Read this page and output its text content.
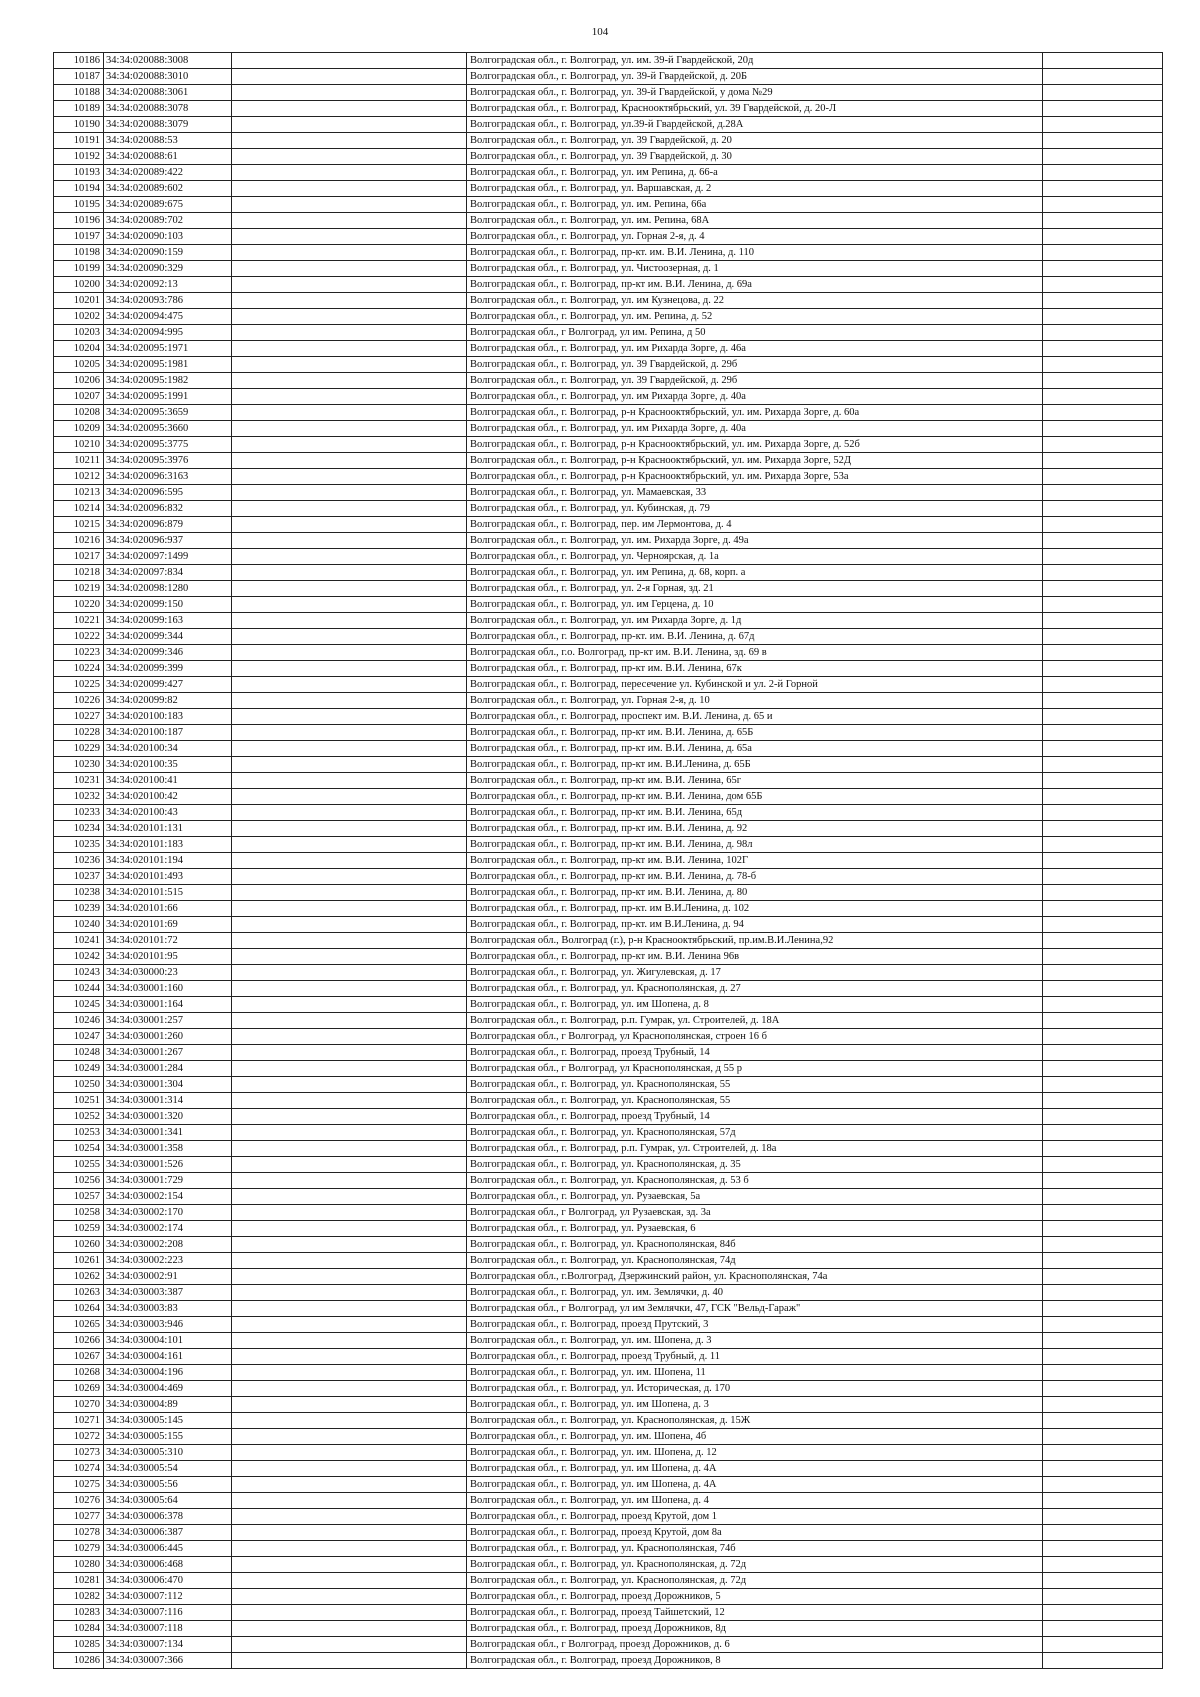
104
10186	34:34:020088:3008		Волгоградская обл., г. Волгоград, ул. им. 39-й Гвардейской, 20д	
10187	34:34:020088:3010		Волгоградская обл., г. Волгоград, ул. 39-й Гвардейской, д. 20Б	
10188	34:34:020088:3061		Волгоградская обл., г. Волгоград, ул. 39-й Гвардейской, у дома №29	
10189	34:34:020088:3078		Волгоградская обл., г. Волгоград, Краснооктябрьский, ул. 39 Гвардейской, д. 20-Л	
10190	34:34:020088:3079		Волгоградская обл., г. Волгоград, ул.39-й Гвардейской, д.28А	
10191	34:34:020088:53		Волгоградская обл., г. Волгоград, ул. 39 Гвардейской, д. 20	
10192	34:34:020088:61		Волгоградская обл., г. Волгоград, ул. 39 Гвардейской, д. 30	
10193	34:34:020089:422		Волгоградская обл., г. Волгоград, ул. им Репина, д. 66-а	
10194	34:34:020089:602		Волгоградская обл., г. Волгоград, ул. Варшавская, д. 2	
10195	34:34:020089:675		Волгоградская обл., г. Волгоград, ул. им. Репина, 66а	
10196	34:34:020089:702		Волгоградская обл., г. Волгоград, ул. им. Репина, 68А	
10197	34:34:020090:103		Волгоградская обл., г. Волгоград, ул. Горная 2-я, д. 4	
10198	34:34:020090:159		Волгоградская обл., г. Волгоград, пр-кт. им. В.И. Ленина, д. 110	
10199	34:34:020090:329		Волгоградская обл., г. Волгоград, ул. Чистоозерная, д. 1	
10200	34:34:020092:13		Волгоградская обл., г. Волгоград, пр-кт им. В.И. Ленина, д. 69а	
10201	34:34:020093:786		Волгоградская обл., г. Волгоград, ул. им Кузнецова, д. 22	
10202	34:34:020094:475		Волгоградская обл., г. Волгоград, ул. им. Репина, д. 52	
10203	34:34:020094:995		Волгоградская обл., г Волгоград, ул им. Репина, д 50	
10204	34:34:020095:1971		Волгоградская обл., г. Волгоград, ул. им Рихарда Зорге, д. 46а	
10205	34:34:020095:1981		Волгоградская обл., г. Волгоград, ул. 39 Гвардейской, д. 29б	
10206	34:34:020095:1982		Волгоградская обл., г. Волгоград, ул. 39 Гвардейской, д. 29б	
10207	34:34:020095:1991		Волгоградская обл., г. Волгоград, ул. им Рихарда Зорге, д. 40а	
10208	34:34:020095:3659		Волгоградская обл., г. Волгоград, р-н Краснооктябрьский, ул. им. Рихарда Зорге, д. 60а	
10209	34:34:020095:3660		Волгоградская обл., г. Волгоград, ул. им Рихарда Зорге, д. 40а	
10210	34:34:020095:3775		Волгоградская обл., г. Волгоград, р-н Краснооктябрьский, ул. им. Рихарда Зорге, д. 52б	
10211	34:34:020095:3976		Волгоградская обл., г. Волгоград, р-н Краснооктябрьский, ул. им. Рихарда Зорге, 52Д	
10212	34:34:020096:3163		Волгоградская обл., г. Волгоград, р-н Краснооктябрьский, ул. им. Рихарда Зорге, 53а	
10213	34:34:020096:595		Волгоградская обл., г. Волгоград, ул. Мамаевская, 33	
10214	34:34:020096:832		Волгоградская обл., г. Волгоград, ул. Кубинская, д. 79	
10215	34:34:020096:879		Волгоградская обл., г. Волгоград, пер. им Лермонтова, д. 4	
10216	34:34:020096:937		Волгоградская обл., г. Волгоград, ул. им. Рихарда Зорге, д. 49а	
10217	34:34:020097:1499		Волгоградская обл., г. Волгоград, ул. Черноярская, д. 1а	
10218	34:34:020097:834		Волгоградская обл., г. Волгоград, ул. им Репина, д. 68, корп. а	
10219	34:34:020098:1280		Волгоградская обл., г. Волгоград, ул. 2-я Горная, зд. 21	
10220	34:34:020099:150		Волгоградская обл., г. Волгоград, ул. им Герцена, д. 10	
10221	34:34:020099:163		Волгоградская обл., г. Волгоград, ул. им Рихарда Зорге, д. 1д	
10222	34:34:020099:344		Волгоградская обл., г. Волгоград, пр-кт. им. В.И. Ленина, д. 67д	
10223	34:34:020099:346		Волгоградская обл., г.о. Волгоград, пр-кт им. В.И. Ленина, зд. 69 в	
10224	34:34:020099:399		Волгоградская обл., г. Волгоград, пр-кт им. В.И. Ленина, 67к	
10225	34:34:020099:427		Волгоградская обл., г. Волгоград, пересечение ул. Кубинской и ул. 2-й Горной	
10226	34:34:020099:82		Волгоградская обл., г. Волгоград, ул. Горная 2-я, д. 10	
10227	34:34:020100:183		Волгоградская обл., г. Волгоград, проспект им. В.И. Ленина, д. 65 и	
10228	34:34:020100:187		Волгоградская обл., г. Волгоград, пр-кт им. В.И. Ленина, д. 65Б	
10229	34:34:020100:34		Волгоградская обл., г. Волгоград, пр-кт им. В.И. Ленина, д. 65а	
10230	34:34:020100:35		Волгоградская обл., г. Волгоград, пр-кт им. В.И.Ленина, д. 65Б	
10231	34:34:020100:41		Волгоградская обл., г. Волгоград, пр-кт им. В.И. Ленина, 65г	
10232	34:34:020100:42		Волгоградская обл., г. Волгоград, пр-кт им. В.И. Ленина, дом 65Б	
10233	34:34:020100:43		Волгоградская обл., г. Волгоград, пр-кт им. В.И. Ленина, 65д	
10234	34:34:020101:131		Волгоградская обл., г. Волгоград, пр-кт им. В.И. Ленина, д. 92	
10235	34:34:020101:183		Волгоградская обл., г. Волгоград, пр-кт им. В.И. Ленина, д. 98л	
10236	34:34:020101:194		Волгоградская обл., г. Волгоград, пр-кт им. В.И. Ленина, 102Г	
10237	34:34:020101:493		Волгоградская обл., г. Волгоград, пр-кт им. В.И. Ленина, д. 78-б	
10238	34:34:020101:515		Волгоградская обл., г. Волгоград, пр-кт им. В.И. Ленина, д. 80	
10239	34:34:020101:66		Волгоградская обл., г. Волгоград, пр-кт. им В.И.Ленина, д. 102	
10240	34:34:020101:69		Волгоградская обл., г. Волгоград, пр-кт. им В.И.Ленина, д. 94	
10241	34:34:020101:72		Волгоградская обл., Волгоград (г.), р-н Краснооктябрьский, пр.им.В.И.Ленина,92	
10242	34:34:020101:95		Волгоградская обл., г. Волгоград, пр-кт им. В.И. Ленина 96в	
10243	34:34:030000:23		Волгоградская обл., г. Волгоград, ул. Жигулевская, д. 17	
10244	34:34:030001:160		Волгоградская обл., г. Волгоград, ул. Краснополянская, д. 27	
10245	34:34:030001:164		Волгоградская обл., г. Волгоград, ул. им Шопена, д. 8	
10246	34:34:030001:257		Волгоградская обл., г. Волгоград, р.п. Гумрак, ул. Строителей, д. 18А	
10247	34:34:030001:260		Волгоградская обл., г Волгоград, ул Краснополянская, строен 16 б	
10248	34:34:030001:267		Волгоградская обл., г. Волгоград, проезд Трубный, 14	
10249	34:34:030001:284		Волгоградская обл., г Волгоград, ул Краснополянская, д 55 р	
10250	34:34:030001:304		Волгоградская обл., г. Волгоград, ул. Краснополянская, 55	
10251	34:34:030001:314		Волгоградская обл., г. Волгоград, ул. Краснополянская, 55	
10252	34:34:030001:320		Волгоградская обл., г. Волгоград, проезд Трубный, 14	
10253	34:34:030001:341		Волгоградская обл., г. Волгоград, ул. Краснополянская, 57д	
10254	34:34:030001:358		Волгоградская обл., г. Волгоград, р.п. Гумрак, ул. Строителей, д. 18а	
10255	34:34:030001:526		Волгоградская обл., г. Волгоград, ул. Краснополянская, д. 35	
10256	34:34:030001:729		Волгоградская обл., г. Волгоград, ул. Краснополянская, д. 53 б	
10257	34:34:030002:154		Волгоградская обл., г. Волгоград, ул. Рузаевская, 5а	
10258	34:34:030002:170		Волгоградская обл., г Волгоград, ул Рузаевская, зд. 3а	
10259	34:34:030002:174		Волгоградская обл., г. Волгоград, ул. Рузаевская, 6	
10260	34:34:030002:208		Волгоградская обл., г. Волгоград, ул. Краснополянская, 84б	
10261	34:34:030002:223		Волгоградская обл., г. Волгоград, ул. Краснополянская, 74д	
10262	34:34:030002:91		Волгоградская обл., г.Волгоград, Дзержинский район, ул. Краснополянская, 74а	
10263	34:34:030003:387		Волгоградская обл., г. Волгоград, ул. им. Землячки, д. 40	
10264	34:34:030003:83		Волгоградская обл., г Волгоград, ул им Землячки, 47, ГСК "Вельд-Гараж"	
10265	34:34:030003:946		Волгоградская обл., г. Волгоград, проезд Прутский, 3	
10266	34:34:030004:101		Волгоградская обл., г. Волгоград, ул. им. Шопена, д. 3	
10267	34:34:030004:161		Волгоградская обл., г. Волгоград, проезд Трубный, д. 11	
10268	34:34:030004:196		Волгоградская обл., г. Волгоград, ул. им. Шопена, 11	
10269	34:34:030004:469		Волгоградская обл., г. Волгоград, ул. Историческая, д. 170	
10270	34:34:030004:89		Волгоградская обл., г. Волгоград, ул. им Шопена, д. 3	
10271	34:34:030005:145		Волгоградская обл., г. Волгоград, ул. Краснополянская, д. 15Ж	
10272	34:34:030005:155		Волгоградская обл., г. Волгоград, ул. им. Шопена, 4б	
10273	34:34:030005:310		Волгоградская обл., г. Волгоград, ул. им. Шопена, д. 12	
10274	34:34:030005:54		Волгоградская обл., г. Волгоград, ул. им Шопена, д. 4А	
10275	34:34:030005:56		Волгоградская обл., г. Волгоград, ул. им Шопена, д. 4А	
10276	34:34:030005:64		Волгоградская обл., г. Волгоград, ул. им Шопена, д. 4	
10277	34:34:030006:378		Волгоградская обл., г. Волгоград, проезд Крутой, дом 1	
10278	34:34:030006:387		Волгоградская обл., г. Волгоград, проезд Крутой, дом 8а	
10279	34:34:030006:445		Волгоградская обл., г. Волгоград, ул. Краснополянская, 74б	
10280	34:34:030006:468		Волгоградская обл., г. Волгоград, ул. Краснополянская, д. 72д	
10281	34:34:030006:470		Волгоградская обл., г. Волгоград, ул. Краснополянская, д. 72д	
10282	34:34:030007:112		Волгоградская обл., г. Волгоград, проезд Дорожников, 5	
10283	34:34:030007:116		Волгоградская обл., г. Волгоград, проезд Тайшетский, 12	
10284	34:34:030007:118		Волгоградская обл., г. Волгоград, проезд Дорожников, 8д	
10285	34:34:030007:134		Волгоградская обл., г Волгоград, проезд Дорожников, д. 6	
10286	34:34:030007:366		Волгоградская обл., г. Волгоград, проезд Дорожников, 8	
